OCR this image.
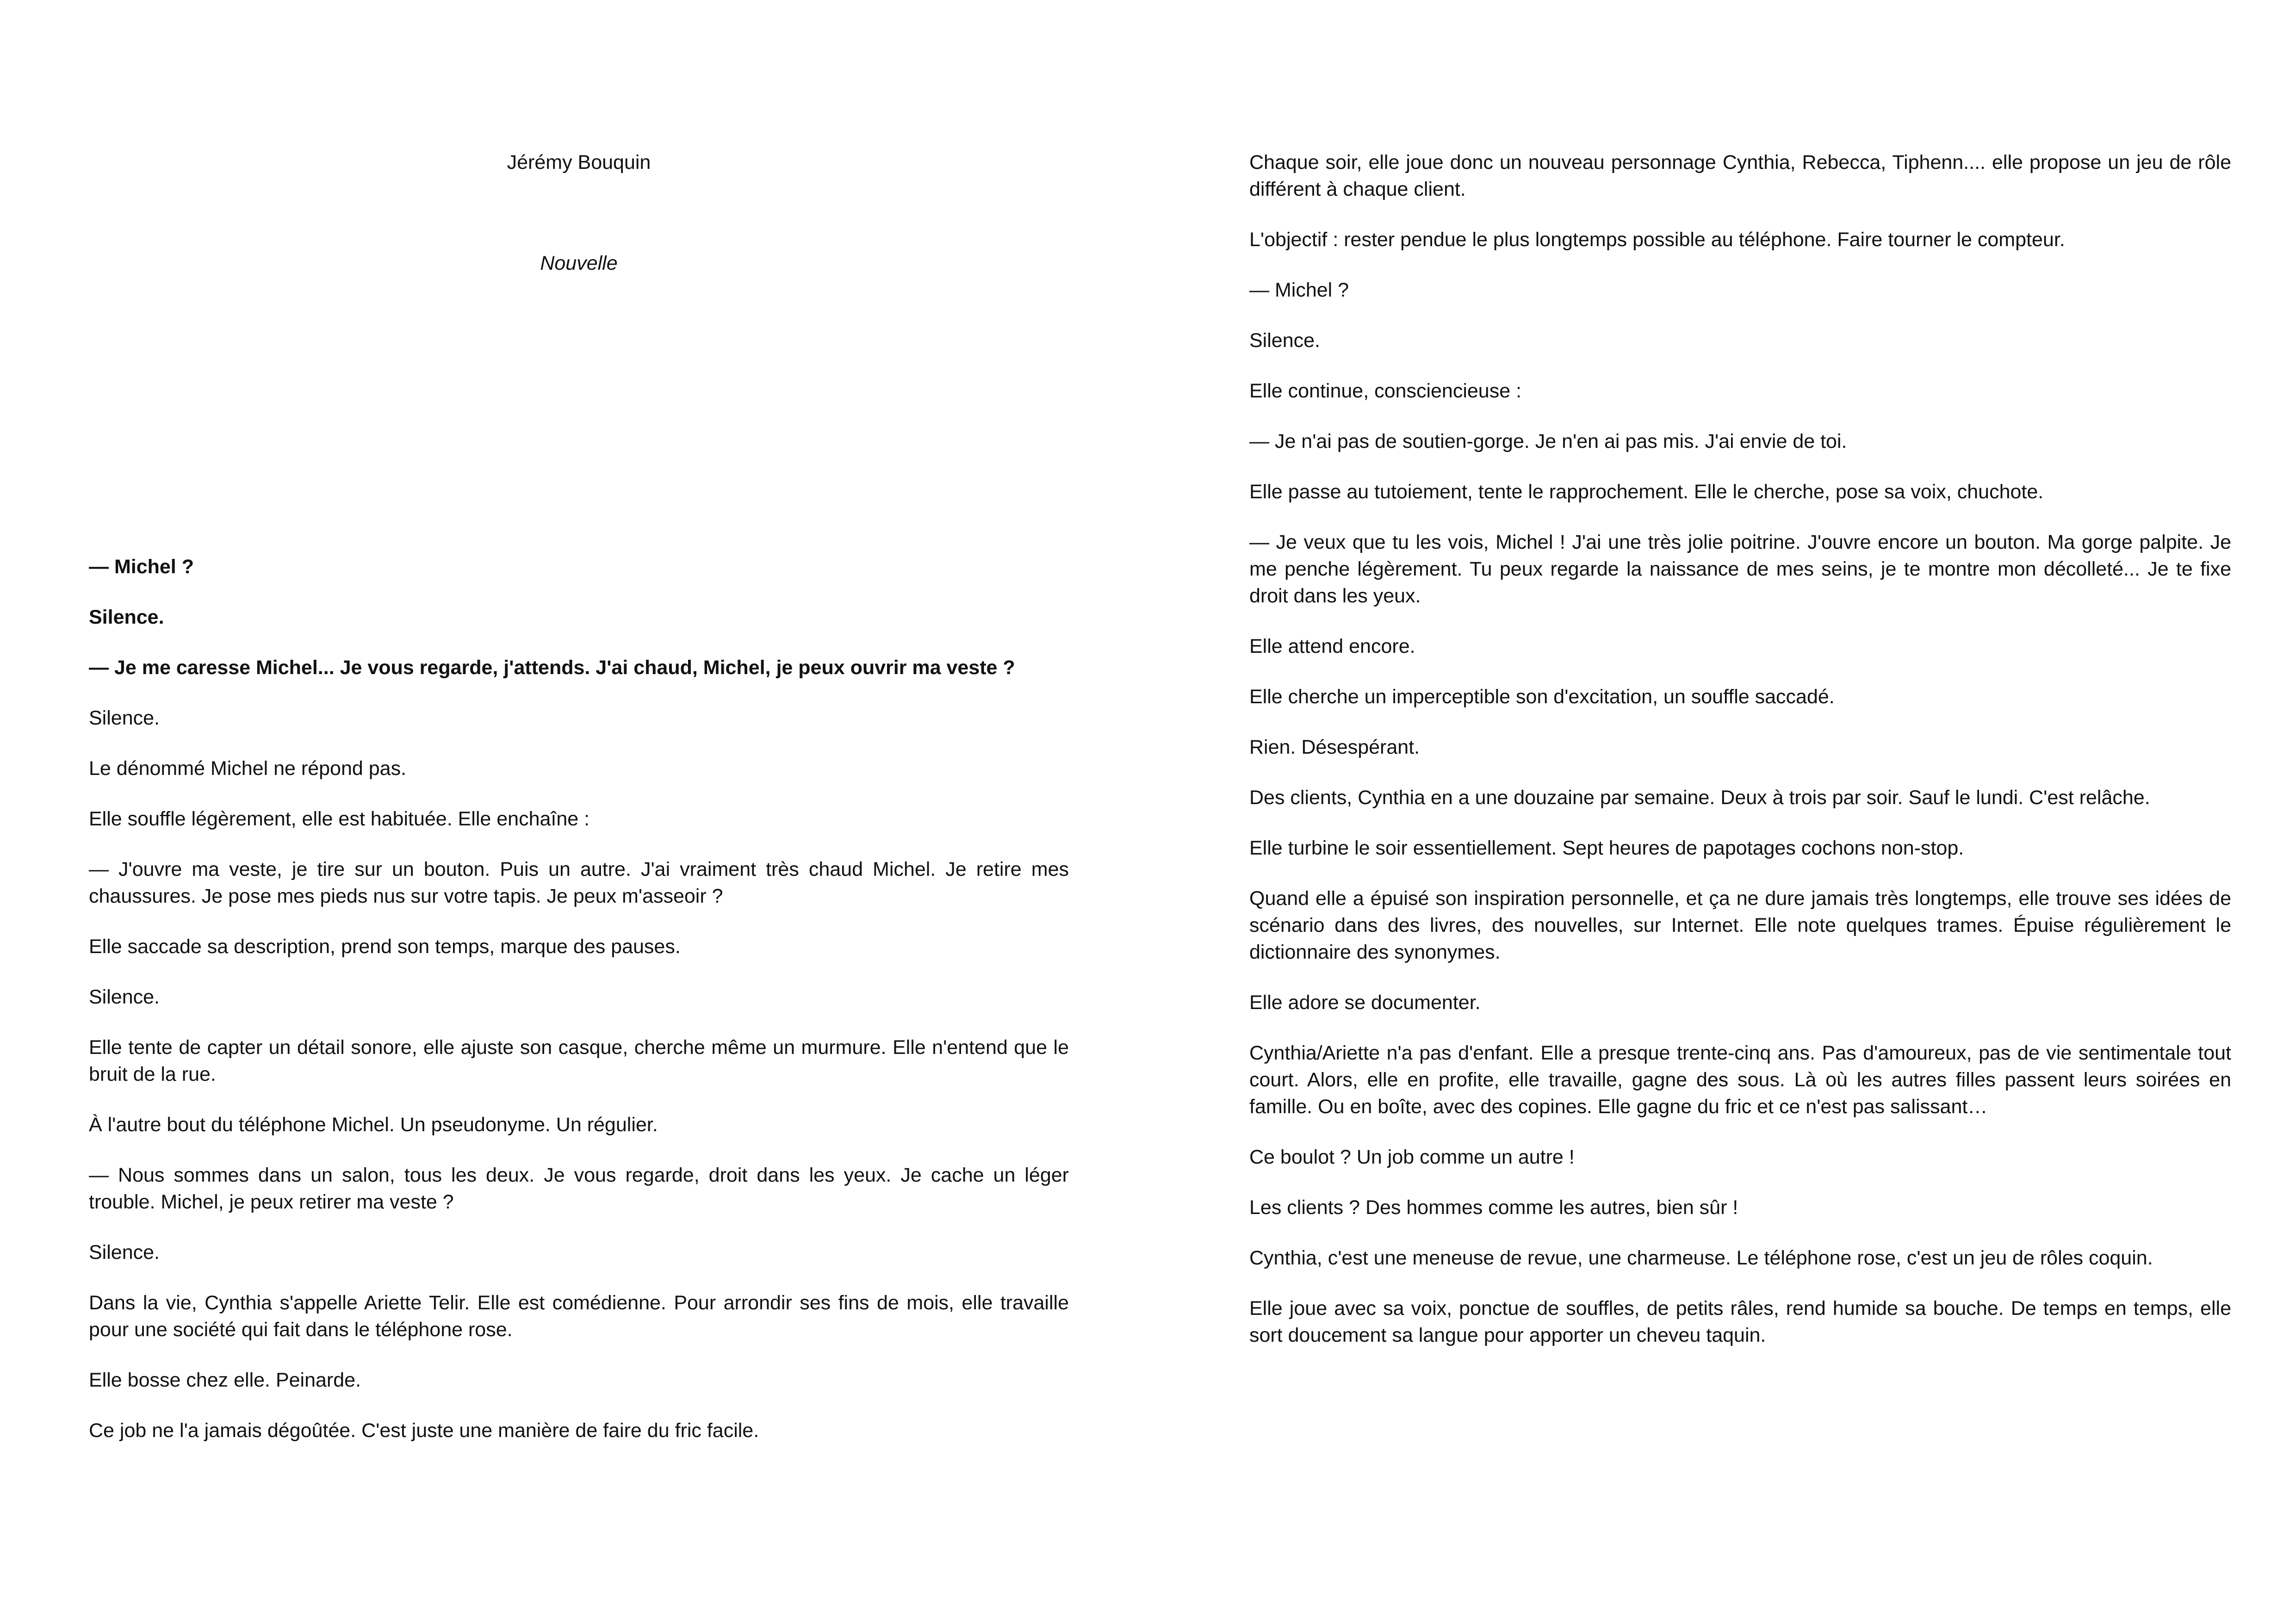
Jérémy Bouquin

Nouvelle

— Michel ?

Silence.

— Je me caresse Michel... Je vous regarde, j'attends. J'ai chaud, Michel, je peux ouvrir ma veste ?

Silence.

Le dénommé Michel ne répond pas.

Elle souffle légèrement, elle est habituée. Elle enchaîne :

— J'ouvre ma veste, je tire sur un bouton. Puis un autre. J'ai vraiment très chaud Michel. Je retire mes chaussures. Je pose mes pieds nus sur votre tapis. Je peux m'asseoir ?

Elle saccade sa description, prend son temps, marque des pauses.

Silence.

Elle tente de capter un détail sonore, elle ajuste son casque, cherche même un murmure. Elle n'entend que le bruit de la rue.

À l'autre bout du téléphone Michel. Un pseudonyme. Un régulier.

— Nous sommes dans un salon, tous les deux. Je vous regarde, droit dans les yeux. Je cache un léger trouble. Michel, je peux retirer ma veste ?

Silence.

Dans la vie, Cynthia s'appelle Ariette Telir. Elle est comédienne. Pour arrondir ses fins de mois, elle travaille pour une société qui fait dans le téléphone rose.

Elle bosse chez elle. Peinarde.

Ce job ne l'a jamais dégoûtée. C'est juste une manière de faire du fric facile.

Chaque soir, elle joue donc un nouveau personnage Cynthia, Rebecca, Tiphenn.... elle propose un jeu de rôle différent à chaque client.

L'objectif : rester pendue le plus longtemps possible au téléphone. Faire tourner le compteur.

— Michel ?

Silence.

Elle continue, consciencieuse :

— Je n'ai pas de soutien-gorge. Je n'en ai pas mis. J'ai envie de toi.

Elle passe au tutoiement, tente le rapprochement. Elle le cherche, pose sa voix, chuchote.

— Je veux que tu les vois, Michel ! J'ai une très jolie poitrine. J'ouvre encore un bouton. Ma gorge palpite. Je me penche légèrement. Tu peux regarde la naissance de mes seins, je te montre mon décolleté... Je te fixe droit dans les yeux.

Elle attend encore.

Elle cherche un imperceptible son d'excitation, un souffle saccadé.

Rien. Désespérant.

Des clients, Cynthia en a une douzaine par semaine. Deux à trois par soir. Sauf le lundi. C'est relâche.

Elle turbine le soir essentiellement. Sept heures de papotages cochons non-stop.

Quand elle a épuisé son inspiration personnelle, et ça ne dure jamais très longtemps, elle trouve ses idées de scénario dans des livres, des nouvelles, sur Internet. Elle note quelques trames. Épuise régulièrement le dictionnaire des synonymes.

Elle adore se documenter.

Cynthia/Ariette n'a pas d'enfant. Elle a presque trente-cinq ans. Pas d'amoureux, pas de vie sentimentale tout court. Alors, elle en profite, elle travaille, gagne des sous. Là où les autres filles passent leurs soirées en famille. Ou en boîte, avec des copines. Elle gagne du fric et ce n'est pas salissant…

Ce boulot ? Un job comme un autre !

Les clients ? Des hommes comme les autres, bien sûr !

Cynthia, c'est une meneuse de revue, une charmeuse. Le téléphone rose, c'est un jeu de rôles coquin.

Elle joue avec sa voix, ponctue de souffles, de petits râles, rend humide sa bouche. De temps en temps, elle sort doucement sa langue pour apporter un cheveu taquin.
